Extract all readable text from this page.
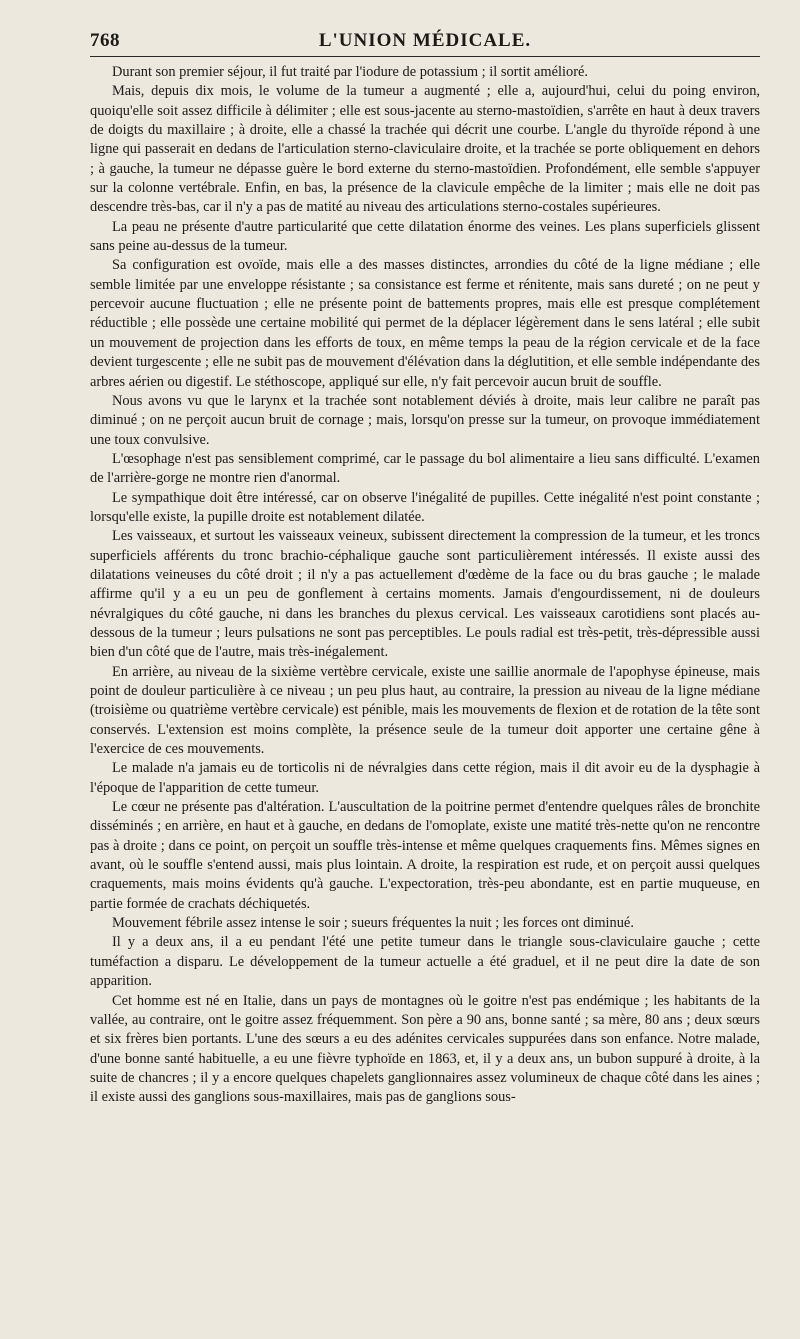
768	L'UNION MÉDICALE.

Durant son premier séjour, il fut traité par l'iodure de potassium ; il sortit amélioré.

Mais, depuis dix mois, le volume de la tumeur a augmenté ; elle a, aujourd'hui, celui du poing environ, quoiqu'elle soit assez difficile à délimiter ; elle est sous-jacente au sterno-mastoïdien, s'arrête en haut à deux travers de doigts du maxillaire ; à droite, elle a chassé la trachée qui décrit une courbe. L'angle du thyroïde répond à une ligne qui passerait en dedans de l'articulation sterno-claviculaire droite, et la trachée se porte obliquement en dehors ; à gauche, la tumeur ne dépasse guère le bord externe du sterno-mastoïdien. Profondément, elle semble s'appuyer sur la colonne vertébrale. Enfin, en bas, la présence de la clavicule empêche de la limiter ; mais elle ne doit pas descendre très-bas, car il n'y a pas de matité au niveau des articulations sterno-costales supérieures.

La peau ne présente d'autre particularité que cette dilatation énorme des veines. Les plans superficiels glissent sans peine au-dessus de la tumeur.

Sa configuration est ovoïde, mais elle a des masses distinctes, arrondies du côté de la ligne médiane ; elle semble limitée par une enveloppe résistante ; sa consistance est ferme et rénitente, mais sans dureté ; on ne peut y percevoir aucune fluctuation ; elle ne présente point de battements propres, mais elle est presque complétement réductible ; elle possède une certaine mobilité qui permet de la déplacer légèrement dans le sens latéral ; elle subit un mouvement de projection dans les efforts de toux, en même temps la peau de la région cervicale et de la face devient turgescente ; elle ne subit pas de mouvement d'élévation dans la déglutition, et elle semble indépendante des arbres aérien ou digestif. Le stéthoscope, appliqué sur elle, n'y fait percevoir aucun bruit de souffle.

Nous avons vu que le larynx et la trachée sont notablement déviés à droite, mais leur calibre ne paraît pas diminué ; on ne perçoit aucun bruit de cornage ; mais, lorsqu'on presse sur la tumeur, on provoque immédiatement une toux convulsive.

L'œsophage n'est pas sensiblement comprimé, car le passage du bol alimentaire a lieu sans difficulté. L'examen de l'arrière-gorge ne montre rien d'anormal.

Le sympathique doit être intéressé, car on observe l'inégalité de pupilles. Cette inégalité n'est point constante ; lorsqu'elle existe, la pupille droite est notablement dilatée.

Les vaisseaux, et surtout les vaisseaux veineux, subissent directement la compression de la tumeur, et les troncs superficiels afférents du tronc brachio-céphalique gauche sont particulièrement intéressés. Il existe aussi des dilatations veineuses du côté droit ; il n'y a pas actuellement d'œdème de la face ou du bras gauche ; le malade affirme qu'il y a eu un peu de gonflement à certains moments. Jamais d'engourdissement, ni de douleurs névralgiques du côté gauche, ni dans les branches du plexus cervical. Les vaisseaux carotidiens sont placés au-dessous de la tumeur ; leurs pulsations ne sont pas perceptibles. Le pouls radial est très-petit, très-dépressible aussi bien d'un côté que de l'autre, mais très-inégalement.

En arrière, au niveau de la sixième vertèbre cervicale, existe une saillie anormale de l'apophyse épineuse, mais point de douleur particulière à ce niveau ; un peu plus haut, au contraire, la pression au niveau de la ligne médiane (troisième ou quatrième vertèbre cervicale) est pénible, mais les mouvements de flexion et de rotation de la tête sont conservés. L'extension est moins complète, la présence seule de la tumeur doit apporter une certaine gêne à l'exercice de ces mouvements.

Le malade n'a jamais eu de torticolis ni de névralgies dans cette région, mais il dit avoir eu de la dysphagie à l'époque de l'apparition de cette tumeur.

Le cœur ne présente pas d'altération. L'auscultation de la poitrine permet d'entendre quelques râles de bronchite disséminés ; en arrière, en haut et à gauche, en dedans de l'omoplate, existe une matité très-nette qu'on ne rencontre pas à droite ; dans ce point, on perçoit un souffle très-intense et même quelques craquements fins. Mêmes signes en avant, où le souffle s'entend aussi, mais plus lointain. A droite, la respiration est rude, et on perçoit aussi quelques craquements, mais moins évidents qu'à gauche. L'expectoration, très-peu abondante, est en partie muqueuse, en partie formée de crachats déchiquetés.

Mouvement fébrile assez intense le soir ; sueurs fréquentes la nuit ; les forces ont diminué.

Il y a deux ans, il a eu pendant l'été une petite tumeur dans le triangle sous-claviculaire gauche ; cette tuméfaction a disparu. Le développement de la tumeur actuelle a été graduel, et il ne peut dire la date de son apparition.

Cet homme est né en Italie, dans un pays de montagnes où le goitre n'est pas endémique ; les habitants de la vallée, au contraire, ont le goitre assez fréquemment. Son père a 90 ans, bonne santé ; sa mère, 80 ans ; deux sœurs et six frères bien portants. L'une des sœurs a eu des adénites cervicales suppurées dans son enfance. Notre malade, d'une bonne santé habituelle, a eu une fièvre typhoïde en 1863, et, il y a deux ans, un bubon suppuré à droite, à la suite de chancres ; il y a encore quelques chapelets ganglionnaires assez volumineux de chaque côté dans les aines ; il existe aussi des ganglions sous-maxillaires, mais pas de ganglions sous-
